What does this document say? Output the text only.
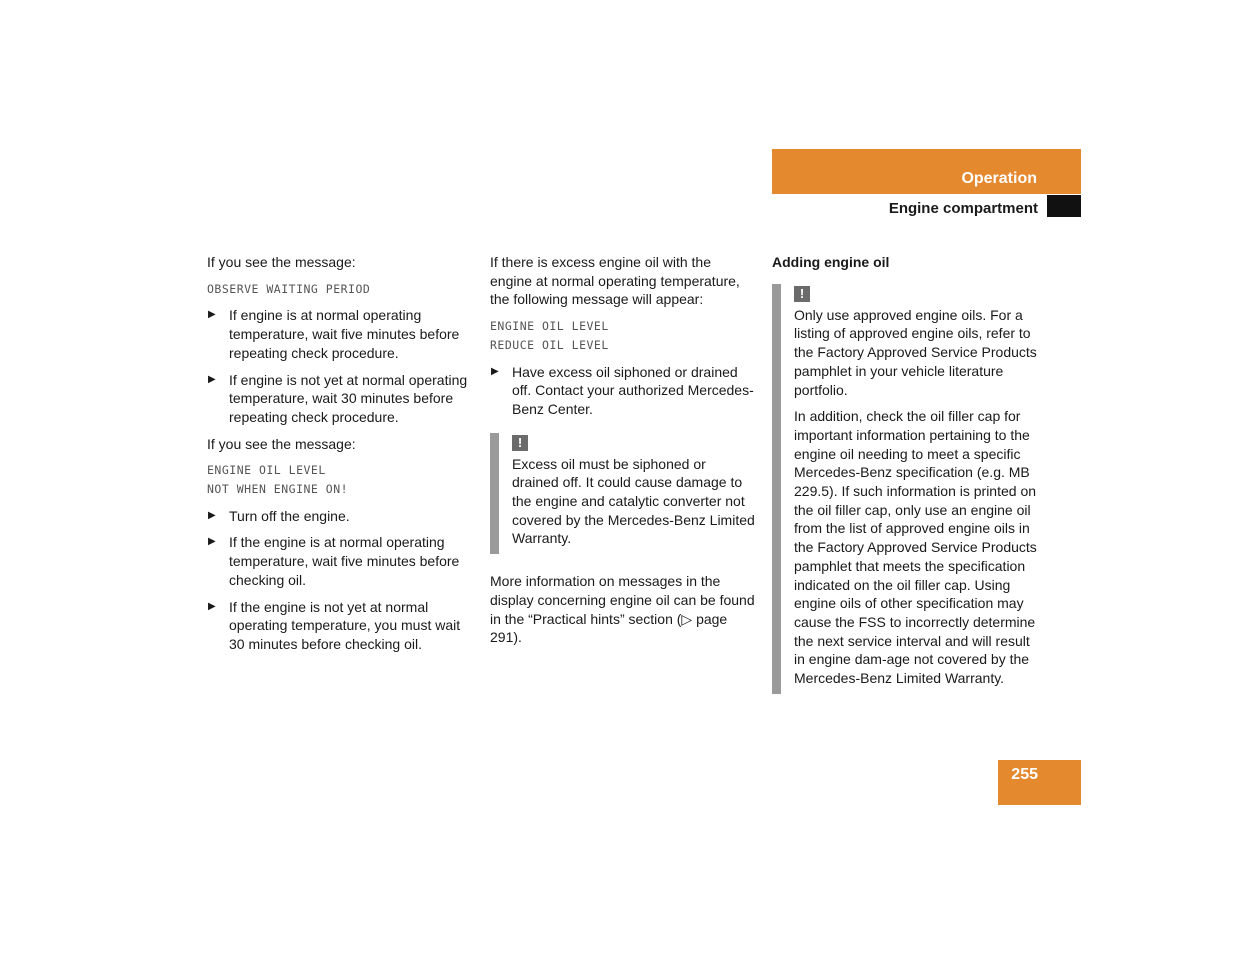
Operation
Engine compartment

If you see the message:

OBSERVE WAITING PERIOD
▶ If engine is at normal operating temperature, wait five minutes before repeating check procedure.
▶ If engine is not yet at normal operating temperature, wait 30 minutes before repeating check procedure.

If you see the message:

ENGINE OIL LEVEL
NOT WHEN ENGINE ON!
▶ Turn off the engine.
▶ If the engine is at normal operating temperature, wait five minutes before checking oil.
▶ If the engine is not yet at normal operating temperature, you must wait 30 minutes before checking oil.

If there is excess engine oil with the engine at normal operating temperature, the following message will appear:

ENGINE OIL LEVEL
REDUCE OIL LEVEL
▶ Have excess oil siphoned or drained off. Contact your authorized Mercedes-Benz Center.
!

Excess oil must be siphoned or drained off. It could cause damage to the engine and catalytic converter not covered by the Mercedes-Benz Limited Warranty.

More information on messages in the display concerning engine oil can be found in the “Practical hints” section (▷ page 291).

Adding engine oil

!

Only use approved engine oils. For a listing of approved engine oils, refer to the Factory Approved Service Products pamphlet in your vehicle literature portfolio.

In addition, check the oil filler cap for important information pertaining to the engine oil needing to meet a specific Mercedes-Benz specification (e.g. MB 229.5). If such information is printed on the oil filler cap, only use an engine oil from the list of approved engine oils in the Factory Approved Service Products pamphlet that meets the specification indicated on the oil filler cap. Using engine oils of other specification may cause the FSS to incorrectly determine the next service interval and will result in engine dam-age not covered by the Mercedes-Benz Limited Warranty.

255
